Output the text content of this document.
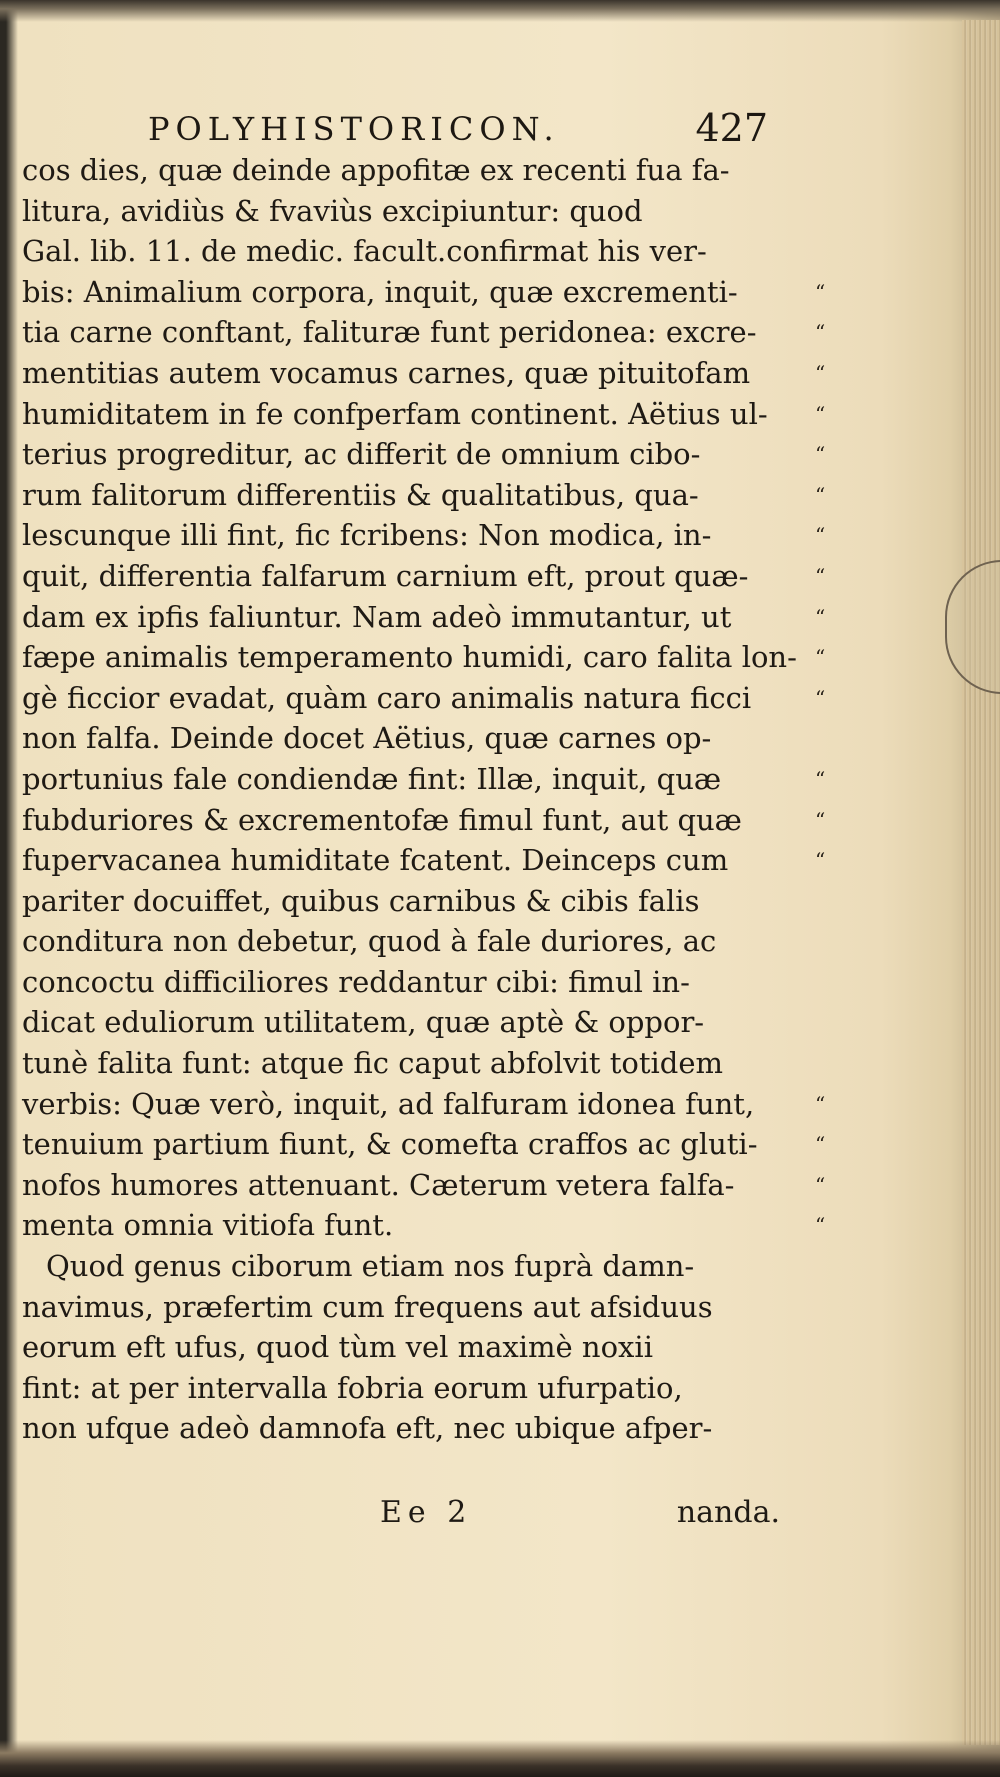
POLYHISTORICON.	427
cos dies, quæ deinde appofitæ ex recenti fua fa-
litura, avidiùs & fvaviùs excipiuntur: quod
Gal. lib. 11. de medic. facult.confirmat his ver-
bis: Animalium corpora, inquit, quæ excrementi-
tia carne conftant, falituræ funt peridonea: excre-
mentitias autem vocamus carnes, quæ pituitofam
humiditatem in fe confperfam continent. Aëtius ul-
terius progreditur, ac differit de omnium cibo-
rum falitorum differentiis & qualitatibus, qua-
lescunque illi fint, fic fcribens: Non modica, in-
quit, differentia falfarum carnium eft, prout quæ-
dam ex ipfis faliuntur. Nam adeò immutantur, ut
fæpe animalis temperamento humidi, caro falita lon-
gè ficcior evadat, quàm caro animalis natura ficci
non falfa. Deinde docet Aëtius, quæ carnes op-
portunius fale condiendæ fint: Illæ, inquit, quæ
fubduriores & excrementofæ fimul funt, aut quæ
fupervacanea humiditate fcatent. Deinceps cum
pariter docuiffet, quibus carnibus & cibis falis
conditura non debetur, quod à fale duriores, ac
concoctu difficiliores reddantur cibi: fimul in-
dicat eduliorum utilitatem, quæ aptè & oppor-
tunè falita funt: atque fic caput abfolvit totidem
verbis: Quæ verò, inquit, ad falfuram idonea funt,
tenuium partium fiunt, & comefta craffos ac gluti-
nofos humores attenuant. Cæterum vetera falfa-
menta omnia vitiofa funt.
Quod genus ciborum etiam nos fuprà damn-
navimus, præfertim cum frequens aut afsiduus
eorum eft ufus, quod tùm vel maximè noxii
fint: at per intervalla fobria eorum ufurpatio,
non ufque adeò damnofa eft, nec ubique afper-
“
“
“
“
“
“
“
“
“
“
“
“
“
“
“
“
“
“
Ee 2	nanda.
